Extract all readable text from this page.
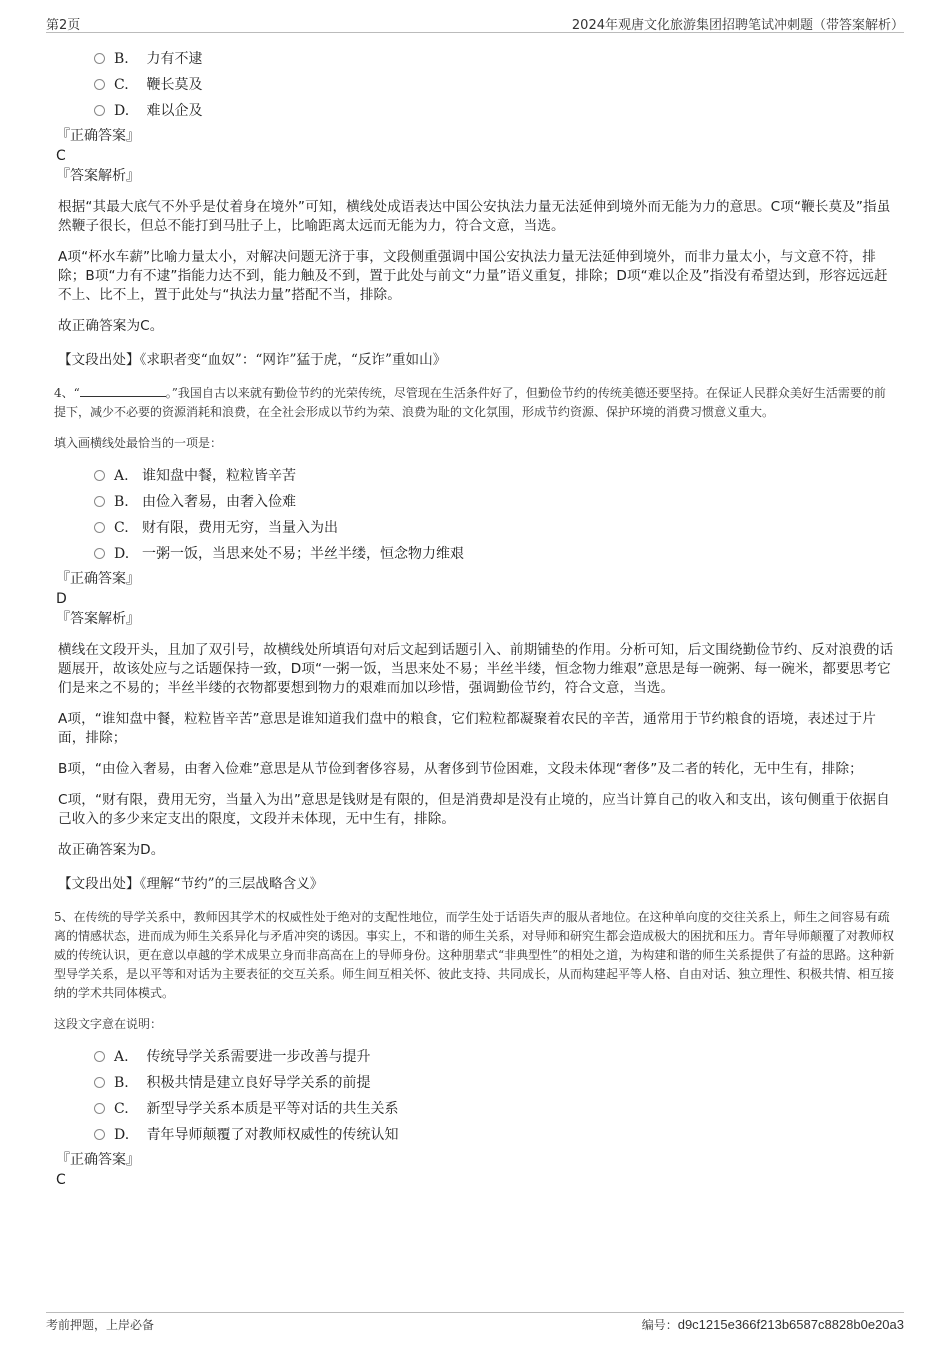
第2页	2024年观唐文化旅游集团招聘笔试冲刺题（带答案解析）
B. 力有不逮
C. 鞭长莫及
D. 难以企及
『正确答案』
C
『答案解析』
根据“其最大底气不外乎是仗着身在境外”可知，横线处成语表达中国公安执法力量无法延伸到境外而无能为力的意思。C项“鞭长莫及”指虽然鞭子很长，但总不能打到马肚子上，比喻距离太远而无能为力，符合文意，当选。
A项“杯水车薪”比喻力量太小，对解决问题无济于事，文段侧重强调中国公安执法力量无法延伸到境外，而非力量太小，与文意不符，排除；B项“力有不逮”指能力达不到，能力触及不到，置于此处与前文“力量”语义重复，排除；D项“难以企及”指没有希望达到，形容远远赶不上、比不上，置于此处与“执法力量”搭配不当，排除。
故正确答案为C。
【文段出处】《求职者变“血奴”：“网诈”猛于虎，“反诈”重如山》
4、“	。”我国自古以来就有勤俭节约的光荣传统，尽管现在生活条件好了，但勤俭节约的传统美德还要坚持。在保证人民群众美好生活需要的前提下，减少不必要的资源消耗和浪费，在全社会形成以节约为荣、浪费为耻的文化氛围，形成节约资源、保护环境的消费习惯意义重大。
填入画横线处最恰当的一项是：
A. 谁知盘中餐，粒粒皆辛苦
B. 由俭入奢易，由奢入俭难
C. 财有限，费用无穷，当量入为出
D. 一粥一饭，当思来处不易；半丝半缕，恒念物力维艰
『正确答案』
D
『答案解析』
横线在文段开头，且加了双引号，故横线处所填语句对后文起到话题引入、前期铺垫的作用。分析可知，后文围绕勤俭节约、反对浪费的话题展开，故该处应与之话题保持一致，D项“一粥一饭，当思来处不易；半丝半缕，恒念物力维艰”意思是每一碗粥、每一碗米，都要思考它们是来之不易的；半丝半缕的衣物都要想到物力的艰难而加以珍惜，强调勤俭节约，符合文意，当选。
A项，“谁知盘中餐，粒粒皆辛苦”意思是谁知道我们盘中的粮食，它们粒粒都凝聚着农民的辛苦，通常用于节约粮食的语境，表述过于片面，排除；
B项，“由俭入奢易，由奢入俭难”意思是从节俭到奢侈容易，从奢侈到节俭困难，文段未体现“奢侈”及二者的转化，无中生有，排除；
C项，“财有限，费用无穷，当量入为出”意思是钱财是有限的，但是消费却是没有止境的，应当计算自己的收入和支出，该句侧重于依据自己收入的多少来定支出的限度，文段并未体现，无中生有，排除。
故正确答案为D。
【文段出处】《理解“节约”的三层战略含义》
5、在传统的导学关系中，教师因其学术的权威性处于绝对的支配性地位，而学生处于话语失声的服从者地位。在这种单向度的交往关系上，师生之间容易有疏离的情感状态，进而成为师生关系异化与矛盾冲突的诱因。事实上，不和谐的师生关系，对导师和研究生都会造成极大的困扰和压力。青年导师颠覆了对教师权威的传统认识，更在意以卓越的学术成果立身而非高高在上的导师身份。这种朋辈式“非典型性”的相处之道，为构建和谐的师生关系提供了有益的思路。这种新型导学关系，是以平等和对话为主要表征的交互关系。师生间互相关怀、彼此支持、共同成长，从而构建起平等人格、自由对话、独立理性、积极共情、相互接纳的学术共同体模式。
这段文字意在说明：
A. 传统导学关系需要进一步改善与提升
B. 积极共情是建立良好导学关系的前提
C. 新型导学关系本质是平等对话的共生关系
D. 青年导师颠覆了对教师权威性的传统认知
『正确答案』
C
考前押题，上岸必备	编号：d9c1215e366f213b6587c8828b0e20a3
